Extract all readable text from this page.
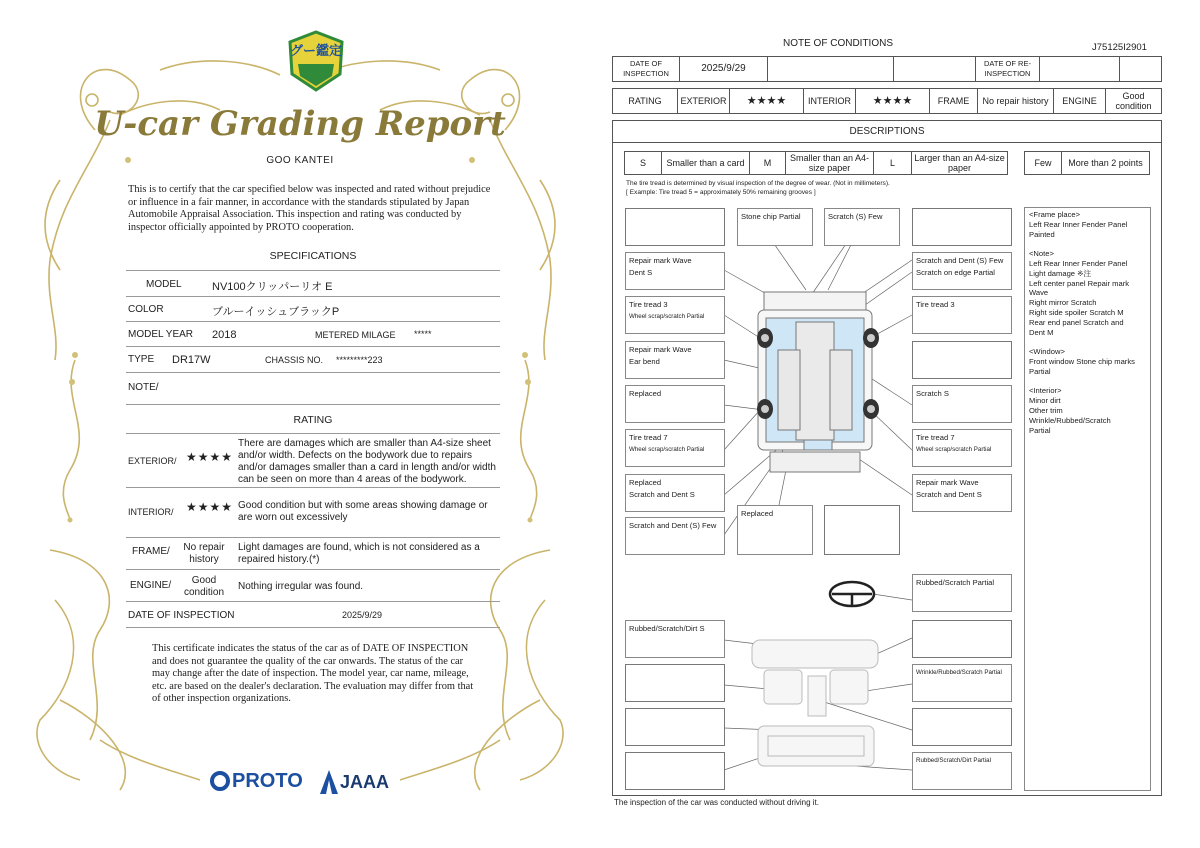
グー鑑定
U-car Grading Report
GOO KANTEI
This is to certify that the car specified below was inspected and rated without prejudice or influence in a fair manner, in accordance with the standards stipulated by Japan Automobile Appraisal Association. This inspection and rating was conducted by inspector officially appointed by PROTO cooperation.
SPECIFICATIONS
MODEL	NV100クリッパーリオ E
COLOR	ブルーイッシュブラックP
MODEL YEAR 2018	METERED MILAGE *****
TYPE DR17W	CHASSIS NO. *********223
NOTE/
RATING
EXTERIOR/ ★★★★
There are damages which are smaller than A4-size sheet and/or width. Defects on the bodywork due to repairs and/or damages smaller than a card in length and/or width can be seen on more than 4 areas of the bodywork.
INTERIOR/ ★★★★ Good condition but with some areas showing damage or are worn out excessively
FRAME/	No repair history
Light damages are found, which is not considered as a repaired history.(*)
ENGINE/	Good condition
Nothing irregular was found.
DATE OF INSPECTION	2025/9/29
This certificate indicates the status of the car as of DATE OF INSPECTION and does not guarantee the quality of the car onwards. The status of the car may change after the date of inspection. The model year, car name, mileage, etc. are based on the dealer's declaration. The evaluation may differ from that of other inspection organizations.
PROTO JAAA
NOTE OF CONDITIONS	J75125I2901
DATE OF INSPECTION	2025/9/29	DATE OF RE-INSPECTION
RATING	EXTERIOR	★★★★	INTERIOR	★★★★	FRAME	No repair history	ENGINE	Good condition
DESCRIPTIONS
S	Smaller than a card	M	Smaller than an A4-size paper	L	Larger than an A4-size paper	Few	More than 2 points
The tire tread is determined by visual inspection of the degree of wear. (Not in millimeters).
[ Example: Tire tread 5 = approximately 50% remaining grooves ]
Repair mark Wave
Dent S
Tire tread 3
Wheel scrap/scratch Partial
Repair mark Wave
Ear bend
Replaced
Tire tread 7
Wheel scrap/scratch Partial
Replaced
Scratch and Dent S
Scratch and Dent (S) Few
Stone chip Partial	Scratch (S) Few
Scratch and Dent (S) Few
Scratch on edge Partial
Tire tread 3
Scratch S
Tire tread 7
Wheel scrap/scratch Partial
Repair mark Wave
Scratch and Dent S
Replaced
Rubbed/Scratch Partial
Rubbed/Scratch/Dirt S
Wrinkle/Rubbed/Scratch Partial
Rubbed/Scratch/Dirt Partial
<Frame place>
Left Rear Inner Fender Panel
Painted

<Note>
Left Rear Inner Fender Panel
Light damage ※注
Left center panel Repair mark
Wave
Right mirror Scratch
Right side spoiler Scratch M
Rear end panel Scratch and
Dent M

<Window>
Front window Stone chip marks
Partial

<Interior>
Minor dirt
Other trim
Wrinkle/Rubbed/Scratch
Partial
The inspection of the car was conducted without driving it.
